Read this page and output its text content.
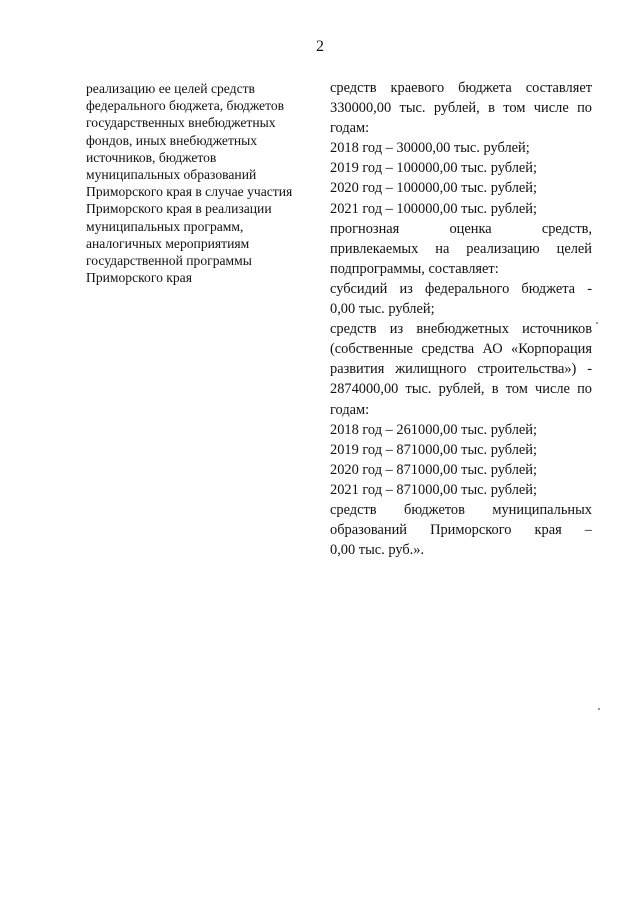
2
реализацию ее целей средств
федерального бюджета, бюджетов
государственных внебюджетных
фондов, иных внебюджетных
источников, бюджетов
муниципальных образований
Приморского края в случае участия
Приморского края в реализации
муниципальных программ,
аналогичных мероприятиям
государственной программы
Приморского края
средств краевого бюджета составляет
330000,00 тыс. рублей, в том числе по
годам:
2018 год – 30000,00 тыс. рублей;
2019 год – 100000,00 тыс. рублей;
2020 год – 100000,00 тыс. рублей;
2021 год – 100000,00 тыс. рублей;
прогнозная оценка средств,
привлекаемых на реализацию целей
подпрограммы, составляет:
субсидий из федерального бюджета -
0,00 тыс. рублей;
средств из внебюджетных источников
(собственные средства АО «Корпорация
развития жилищного строительства») -
2874000,00 тыс. рублей, в том числе по
годам:
2018 год – 261000,00 тыс. рублей;
2019 год – 871000,00 тыс. рублей;
2020 год – 871000,00 тыс. рублей;
2021 год – 871000,00 тыс. рублей;
средств бюджетов муниципальных
образований Приморского края –
0,00 тыс. руб.».
